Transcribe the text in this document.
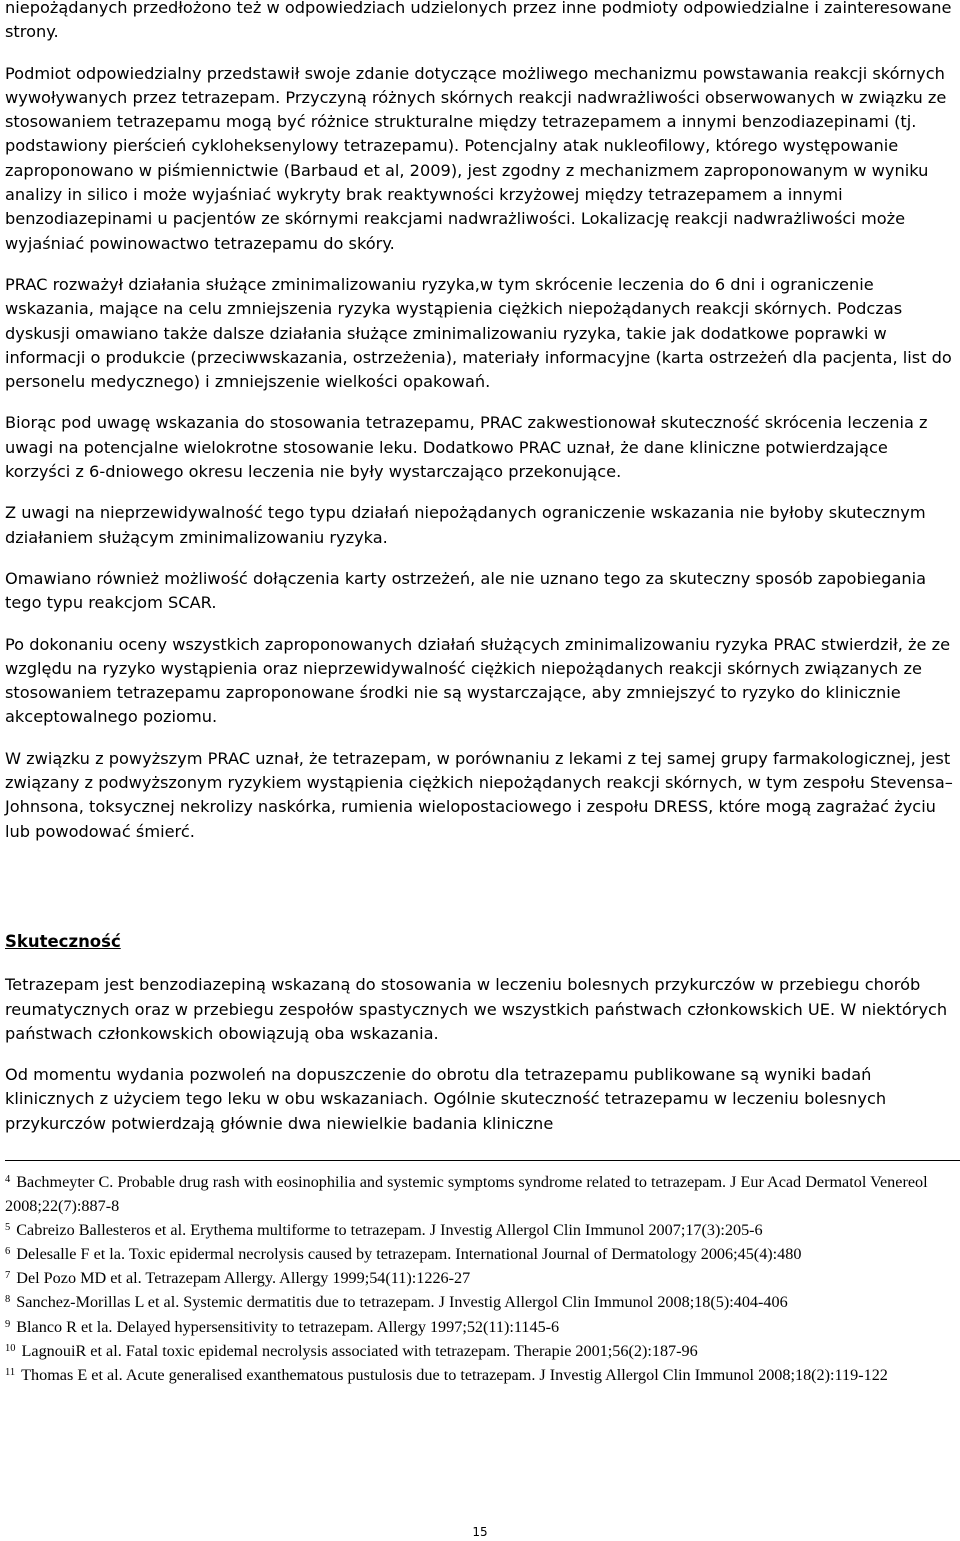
niepożądanych przedłożono też w odpowiedziach udzielonych przez inne podmioty odpowiedzialne i zainteresowane strony.

Podmiot odpowiedzialny przedstawił swoje zdanie dotyczące możliwego mechanizmu powstawania reakcji skórnych wywoływanych przez tetrazepam. Przyczyną różnych skórnych reakcji nadwrażliwości obserwowanych w związku ze stosowaniem tetrazepamu mogą być różnice strukturalne między tetrazepamem a innymi benzodiazepinami (tj. podstawiony pierścień cykloheksenylowy tetrazepamu). Potencjalny atak nukleofilowy, którego występowanie zaproponowano w piśmiennictwie (Barbaud et al, 2009), jest zgodny z mechanizmem zaproponowanym w wyniku analizy in silico i może wyjaśniać wykryty brak reaktywności krzyżowej między tetrazepamem a innymi benzodiazepinami u pacjentów ze skórnymi reakcjami nadwrażliwości. Lokalizację reakcji nadwrażliwości może wyjaśniać powinowactwo tetrazepamu do skóry.

PRAC rozważył działania służące zminimalizowaniu ryzyka,w tym skrócenie leczenia do 6 dni i ograniczenie wskazania, mające na celu zmniejszenia ryzyka wystąpienia ciężkich niepożądanych reakcji skórnych. Podczas dyskusji omawiano także dalsze działania służące zminimalizowaniu ryzyka, takie jak dodatkowe poprawki w informacji o produkcie (przeciwwskazania, ostrzeżenia), materiały informacyjne (karta ostrzeżeń dla pacjenta, list do personelu medycznego) i zmniejszenie wielkości opakowań.

Biorąc pod uwagę wskazania do stosowania tetrazepamu, PRAC zakwestionował skuteczność skrócenia leczenia z uwagi na potencjalne wielokrotne stosowanie leku. Dodatkowo PRAC uznał, że dane kliniczne potwierdzające korzyści z 6-dniowego okresu leczenia nie były wystarczająco przekonujące.

Z uwagi na nieprzewidywalność tego typu działań niepożądanych ograniczenie wskazania nie byłoby skutecznym działaniem służącym zminimalizowaniu ryzyka.

Omawiano również możliwość dołączenia karty ostrzeżeń, ale nie uznano tego za skuteczny sposób zapobiegania tego typu reakcjom SCAR.

Po dokonaniu oceny wszystkich zaproponowanych działań służących zminimalizowaniu ryzyka PRAC stwierdził, że ze względu na ryzyko wystąpienia oraz nieprzewidywalność ciężkich niepożądanych reakcji skórnych związanych ze stosowaniem tetrazepamu zaproponowane środki nie są wystarczające, aby zmniejszyć to ryzyko do klinicznie akceptowalnego poziomu.

W związku z powyższym PRAC uznał, że tetrazepam, w porównaniu z lekami z tej samej grupy farmakologicznej, jest związany z podwyższonym ryzykiem wystąpienia ciężkich niepożądanych reakcji skórnych, w tym zespołu Stevensa–Johnsona, toksycznej nekrolizy naskórka, rumienia wielopostaciowego i zespołu DRESS, które mogą zagrażać życiu lub powodować śmierć.

Skuteczność

Tetrazepam jest benzodiazepiną wskazaną do stosowania w leczeniu bolesnych przykurczów w przebiegu chorób reumatycznych oraz w przebiegu zespołów spastycznych we wszystkich państwach członkowskich UE. W niektórych państwach członkowskich obowiązują oba wskazania.

Od momentu wydania pozwoleń na dopuszczenie do obrotu dla tetrazepamu publikowane są wyniki badań klinicznych z użyciem tego leku w obu wskazaniach. Ogólnie skuteczność tetrazepamu w leczeniu bolesnych przykurczów potwierdzają głównie dwa niewielkie badania kliniczne

$^4$ Bachmeyter C. Probable drug rash with eosinophilia and systemic symptoms syndrome related to tetrazepam. J Eur Acad Dermatol Venereol 2008;22(7):887-8

$^5$ Cabreizo Ballesteros et al. Erythema multiforme to tetrazepam. J Investig Allergol Clin Immunol 2007;17(3):205-6

$^6$ Delesalle F et la. Toxic epidermal necrolysis caused by tetrazepam. International Journal of Dermatology 2006;45(4):480

$^7$ Del Pozo MD et al. Tetrazepam Allergy. Allergy 1999;54(11):1226-27

$^8$ Sanchez-Morillas L et al. Systemic dermatitis due to tetrazepam. J Investig Allergol Clin Immunol 2008;18(5):404-406

$^9$ Blanco R et la. Delayed hypersensitivity to tetrazepam. Allergy 1997;52(11):1145-6

$^{10}$ LagnouiR et al. Fatal toxic epidemal necrolysis associated with tetrazepam. Therapie 2001;56(2):187-96

$^{11}$ Thomas E et al. Acute generalised exanthematous pustulosis due to tetrazepam. J Investig Allergol Clin Immunol 2008;18(2):119-122

15
